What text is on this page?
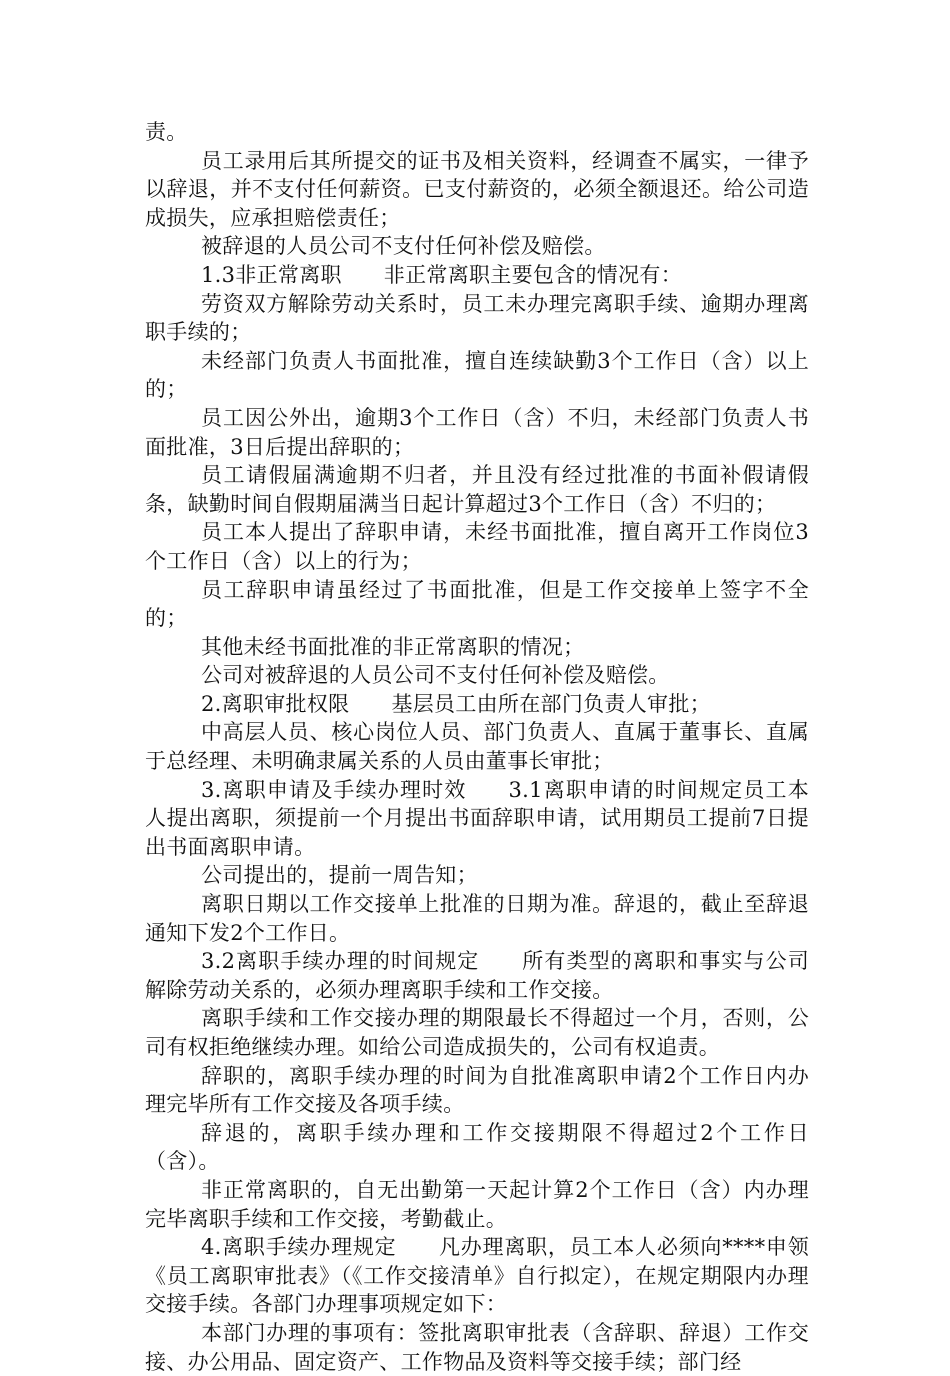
责。

员工录用后其所提交的证书及相关资料，经调查不属实，一律予以辞退，并不支付任何薪资。已支付薪资的，必须全额退还。给公司造成损失，应承担赔偿责任；

被辞退的人员公司不支付任何补偿及赔偿。

1.3非正常离职 非正常离职主要包含的情况有：

劳资双方解除劳动关系时，员工未办理完离职手续、逾期办理离职手续的；

未经部门负责人书面批准，擅自连续缺勤3个工作日（含）以上的；

员工因公外出，逾期3个工作日（含）不归，未经部门负责人书面批准，3日后提出辞职的；

员工请假届满逾期不归者，并且没有经过批准的书面补假请假条，缺勤时间自假期届满当日起计算超过3个工作日（含）不归的；

员工本人提出了辞职申请，未经书面批准，擅自离开工作岗位3个工作日（含）以上的行为；

员工辞职申请虽经过了书面批准，但是工作交接单上签字不全的；

其他未经书面批准的非正常离职的情况；

公司对被辞退的人员公司不支付任何补偿及赔偿。

2.离职审批权限 基层员工由所在部门负责人审批；

中高层人员、核心岗位人员、部门负责人、直属于董事长、直属于总经理、未明确隶属关系的人员由董事长审批；

3.离职申请及手续办理时效 3.1离职申请的时间规定员工本人提出离职，须提前一个月提出书面辞职申请，试用期员工提前7日提出书面离职申请。

公司提出的，提前一周告知；

离职日期以工作交接单上批准的日期为准。辞退的，截止至辞退通知下发2个工作日。

3.2离职手续办理的时间规定 所有类型的离职和事实与公司解除劳动关系的，必须办理离职手续和工作交接。

离职手续和工作交接办理的期限最长不得超过一个月，否则，公司有权拒绝继续办理。如给公司造成损失的，公司有权追责。

辞职的，离职手续办理的时间为自批准离职申请2个工作日内办理完毕所有工作交接及各项手续。

辞退的，离职手续办理和工作交接期限不得超过2个工作日（含）。

非正常离职的，自无出勤第一天起计算2个工作日（含）内办理完毕离职手续和工作交接，考勤截止。

4.离职手续办理规定 凡办理离职，员工本人必须向****申领《员工离职审批表》（《工作交接清单》自行拟定），在规定期限内办理交接手续。各部门办理事项规定如下：

本部门办理的事项有：签批离职审批表（含辞职、辞退）工作交接、办公用品、固定资产、工作物品及资料等交接手续；部门经
